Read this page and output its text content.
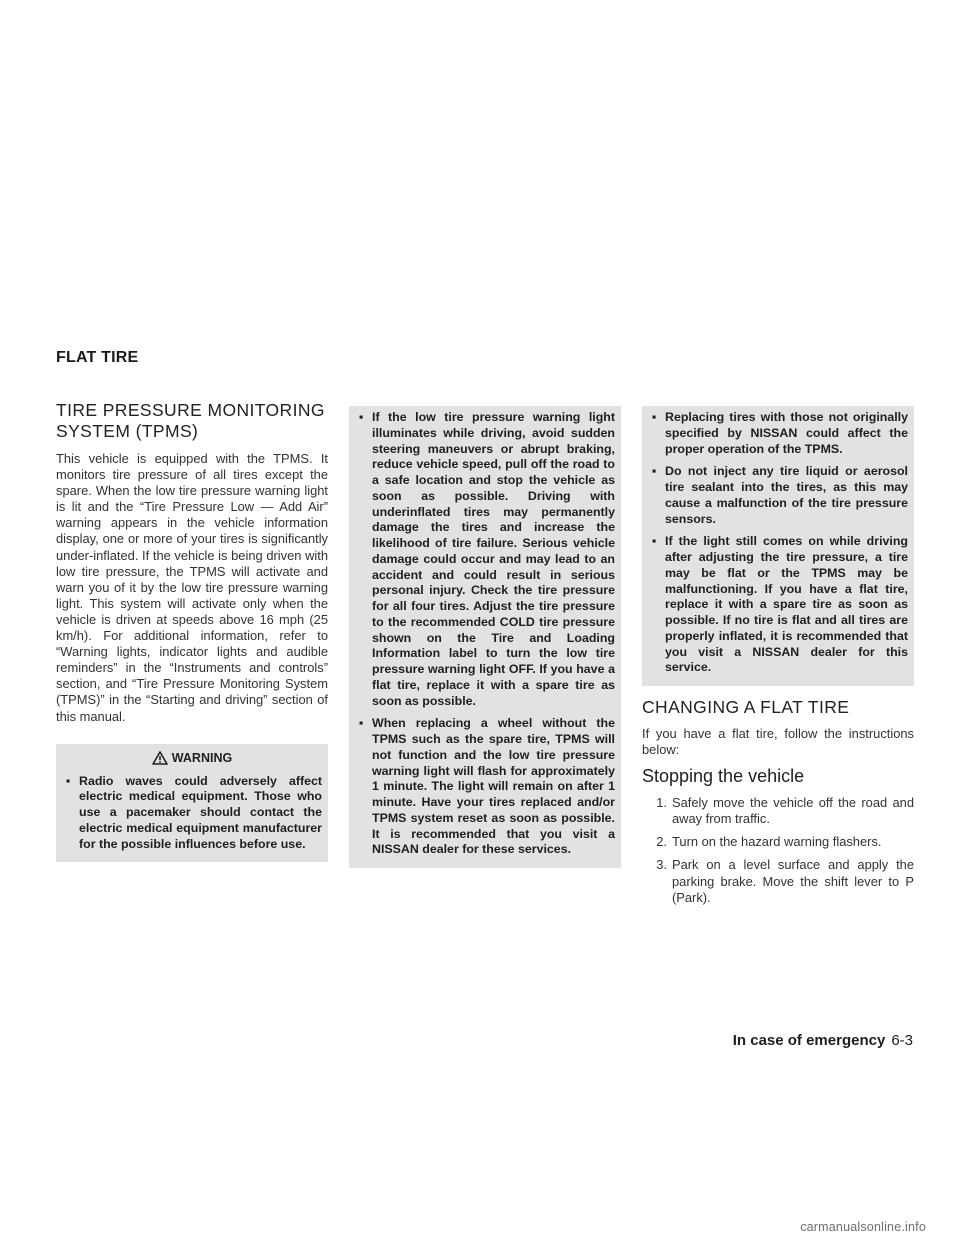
FLAT TIRE
TIRE PRESSURE MONITORING
SYSTEM (TPMS)

This vehicle is equipped with the TPMS. It monitors tire pressure of all tires except the spare. When the low tire pressure warning light is lit and the “Tire Pressure Low — Add Air” warning appears in the vehicle information display, one or more of your tires is significantly under-inflated. If the vehicle is being driven with low tire pressure, the TPMS will activate and warn you of it by the low tire pressure warning light. This system will activate only when the vehicle is driven at speeds above 16 mph (25 km/h). For additional information, refer to “Warning lights, indicator lights and audible reminders” in the “Instruments and controls” section, and “Tire Pressure Monitoring System (TPMS)” in the “Starting and driving” section of this manual.

WARNING
▪ Radio waves could adversely affect electric medical equipment. Those who use a pacemaker should contact the electric medical equipment manufacturer for the possible influences before use.
▪ If the low tire pressure warning light illuminates while driving, avoid sudden steering maneuvers or abrupt braking, reduce vehicle speed, pull off the road to a safe location and stop the vehicle as soon as possible. Driving with underinflated tires may permanently damage the tires and increase the likelihood of tire failure. Serious vehicle damage could occur and may lead to an accident and could result in serious personal injury. Check the tire pressure for all four tires. Adjust the tire pressure to the recommended COLD tire pressure shown on the Tire and Loading Information label to turn the low tire pressure warning light OFF. If you have a flat tire, replace it with a spare tire as soon as possible.
▪ When replacing a wheel without the TPMS such as the spare tire, TPMS will not function and the low tire pressure warning light will flash for approximately 1 minute. The light will remain on after 1 minute. Have your tires replaced and/or TPMS system reset as soon as possible. It is recommended that you visit a NISSAN dealer for these services.
▪ Replacing tires with those not originally specified by NISSAN could affect the proper operation of the TPMS.
▪ Do not inject any tire liquid or aerosol tire sealant into the tires, as this may cause a malfunction of the tire pressure sensors.
▪ If the light still comes on while driving after adjusting the tire pressure, a tire may be flat or the TPMS may be malfunctioning. If you have a flat tire, replace it with a spare tire as soon as possible. If no tire is flat and all tires are properly inflated, it is recommended that you visit a NISSAN dealer for this service.
CHANGING A FLAT TIRE

If you have a flat tire, follow the instructions below:

Stopping the vehicle
1. Safely move the vehicle off the road and away from traffic.
2. Turn on the hazard warning flashers.
3. Park on a level surface and apply the parking brake. Move the shift lever to P (Park).
In case of emergency 6-3
carmanualsonline.info
